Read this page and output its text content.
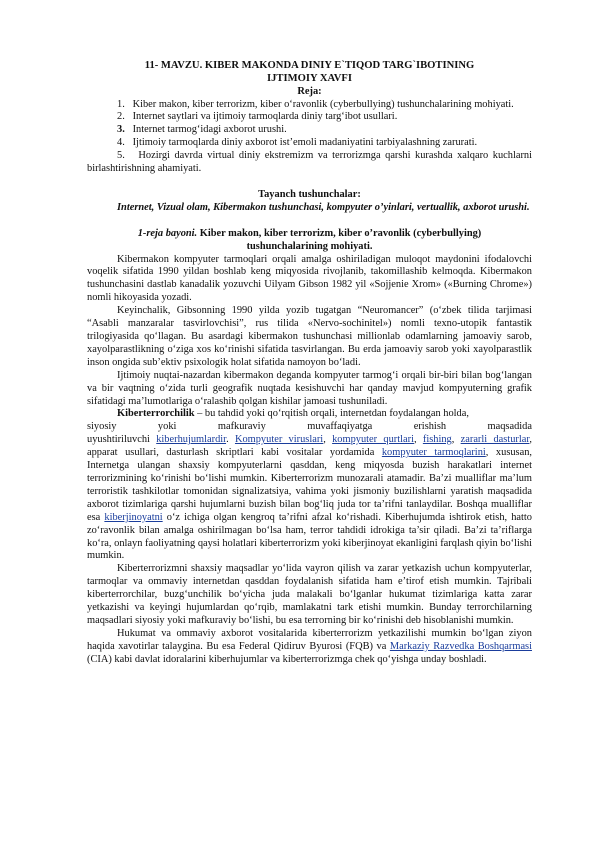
11- MAVZU. KIBER MAKONDA DINIY E`TIQOD TARG`IBOTINING
IJTIMOIY XAVFI
Reja:
1. Kiber makon, kiber terrorizm, kiber o‘ravonlik (cyberbullying) tushunchalarining mohiyati.
2. Internet saytlari va ijtimoiy tarmoqlarda diniy targ‘ibot usullari.
3. Internet tarmog‘idagi axborot urushi.
4. Ijtimoiy tarmoqlarda diniy axborot ist’emoli madaniyatini tarbiyalashning zarurati.
5. Hozirgi davrda virtual diniy ekstremizm va terrorizmga qarshi kurashda xalqaro kuchlarni birlashtirishning ahamiyati.
Tayanch tushunchalar:

Internet, Vizual olam, Kibermakon tushunchasi, kompyuter o’yinlari, vertuallik, axborot urushi.

1-reja bayoni. Kiber makon, kiber terrorizm, kiber o’ravonlik (cyberbullying)
tushunchalarining mohiyati.

Kibermakon kompyuter tarmoqlari orqali amalga oshiriladigan muloqot maydonini ifodalovchi voqelik sifatida 1990 yildan boshlab keng miqyosida rivojlanib, takomillashib kelmoqda. Kibermakon tushunchasini dastlab kanadalik yozuvchi Uilyam Gibson 1982 yil «Sojjenie Xrom» («Burning Chrome») nomli hikoyasida yozadi.

Keyinchalik, Gibsonning 1990 yilda yozib tugatgan “Neuromancer” (o‘zbek tilida tarjimasi “Asabli manzaralar tasvirlovchisi”, rus tilida «Nervo-sochinitel») nomli texno-utopik fantastik trilogiyasida qo‘llagan. Bu asardagi kibermakon tushunchasi millionlab odamlarning jamoaviy sarob, xayolparastlikning o‘ziga xos ko‘rinishi sifatida tasvirlangan. Bu erda jamoaviy sarob yoki xayolparastlik inson ongida sub’ektiv psixologik holat sifatida namoyon bo‘ladi.

Ijtimoiy nuqtai-nazardan kibermakon deganda kompyuter tarmog‘i orqali bir-biri bilan bog‘langan va bir vaqtning o‘zida turli geografik nuqtada kesishuvchi har qanday mavjud kompyuterning grafik sifatidagi ma’lumotlariga o‘ralashib qolgan kishilar jamoasi tushuniladi.

Kiberterrorchilik – bu tahdid yoki qo‘rqitish orqali, internetdan foydalangan holda,

siyosiy	yoki	mafkuraviy	muvaffaqiyatga	erishish	maqsadida

uyushtiriluvchi kiberhujumlardir. Kompyuter viruslari, kompyuter qurtlari, fishing, zararli dasturlar, apparat usullari, dasturlash skriptlari kabi vositalar yordamida kompyuter tarmoqlarini, xususan, Internetga ulangan shaxsiy kompyuterlarni qasddan, keng miqyosda buzish harakatlari internet terrorizmining ko‘rinishi bo‘lishi mumkin. Kiberterrorizm munozarali atamadir. Ba’zi mualliflar ma’lum terroristik tashkilotlar tomonidan signalizatsiya, vahima yoki jismoniy buzilishlarni yaratish maqsadida axborot tizimlariga qarshi hujumlarni buzish bilan bog‘liq juda tor ta’rifni tanlaydilar. Boshqa mualliflar esa kiberjinoyatni o‘z ichiga olgan kengroq ta’rifni afzal ko‘rishadi. Kiberhujumda ishtirok etish, hatto zo‘ravonlik bilan amalga oshirilmagan bo‘lsa ham, terror tahdidi idrokiga ta’sir qiladi. Ba’zi ta’riflarga ko‘ra, onlayn faoliyatning qaysi holatlari kiberterrorizm yoki kiberjinoyat ekanligini farqlash qiyin bo‘lishi mumkin.

Kiberterrorizmni shaxsiy maqsadlar yo‘lida vayron qilish va zarar yetkazish uchun kompyuterlar, tarmoqlar va ommaviy internetdan qasddan foydalanish sifatida ham e’tirof etish mumkin. Tajribali kiberterrorchilar, buzg‘unchilik bo‘yicha juda malakali bo‘lganlar hukumat tizimlariga katta zarar yetkazishi va keyingi hujumlardan qo‘rqib, mamlakatni tark etishi mumkin. Bunday terrorchilarning maqsadlari siyosiy yoki mafkuraviy bo‘lishi, bu esa terrorning bir ko‘rinishi deb hisoblanishi mumkin.

Hukumat va ommaviy axborot vositalarida kiberterrorizm yetkazilishi mumkin bo‘lgan ziyon haqida xavotirlar talaygina. Bu esa Federal Qidiruv Byurosi (FQB) va Markaziy Razvedka Boshqarmasi (CIA) kabi davlat idoralarini kiberhujumlar va kiberterrorizmga chek qo‘yishga unday boshladi.
